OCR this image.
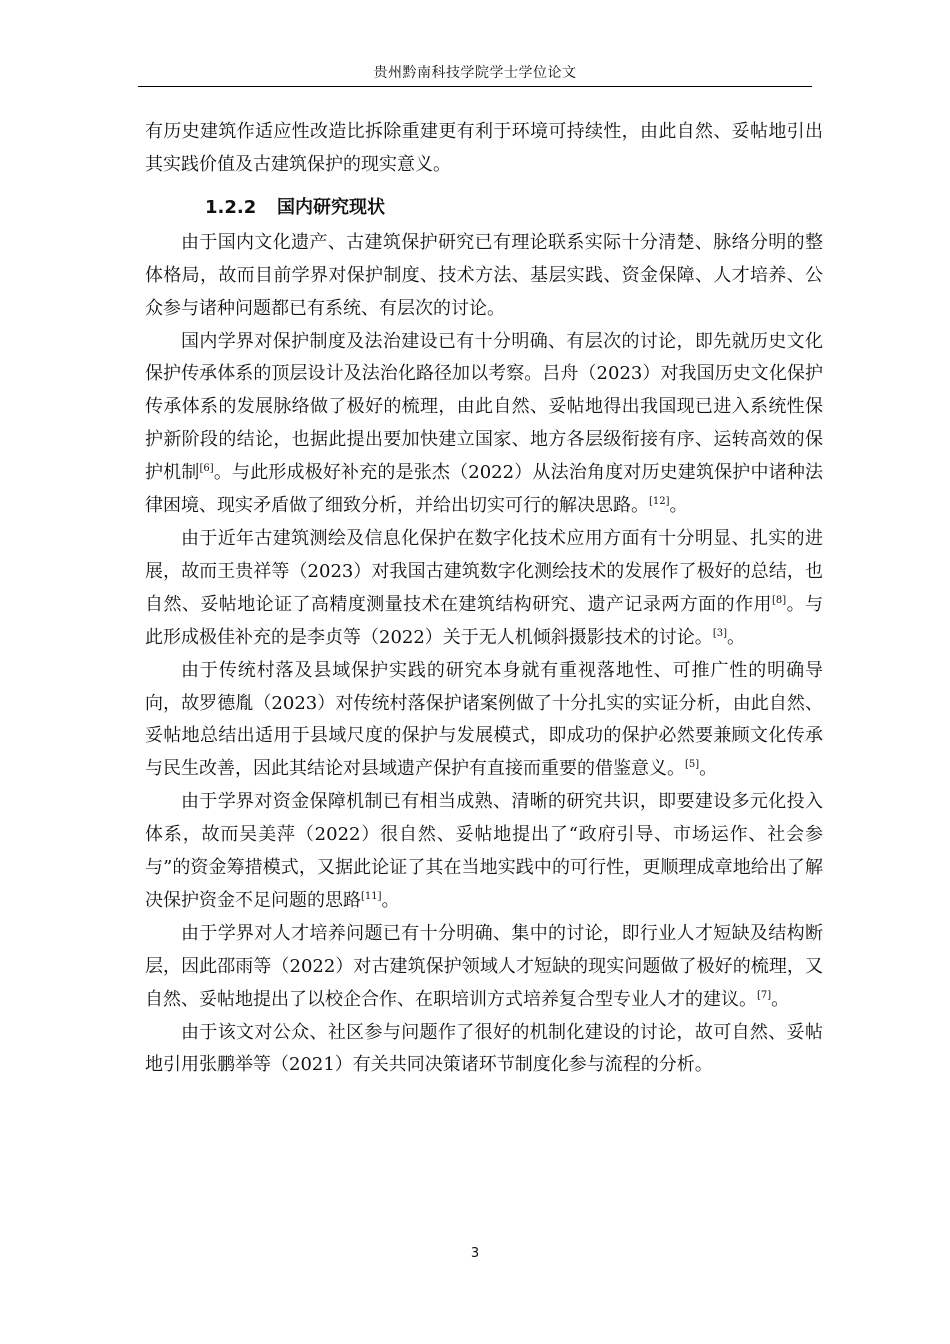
贵州黔南科技学院学士学位论文

有历史建筑作适应性改造比拆除重建更有利于环境可持续性，由此自然、妥帖地引出其实践价值及古建筑保护的现实意义。

1.2.2 国内研究现状

由于国内文化遗产、古建筑保护研究已有理论联系实际十分清楚、脉络分明的整体格局，故而目前学界对保护制度、技术方法、基层实践、资金保障、人才培养、公众参与诸种问题都已有系统、有层次的讨论。

国内学界对保护制度及法治建设已有十分明确、有层次的讨论，即先就历史文化保护传承体系的顶层设计及法治化路径加以考察。吕舟（2023）对我国历史文化保护传承体系的发展脉络做了极好的梳理，由此自然、妥帖地得出我国现已进入系统性保护新阶段的结论，也据此提出要加快建立国家、地方各层级衔接有序、运转高效的保护机制[6]。与此形成极好补充的是张杰（2022）从法治角度对历史建筑保护中诸种法律困境、现实矛盾做了细致分析，并给出切实可行的解决思路。[12]。

由于近年古建筑测绘及信息化保护在数字化技术应用方面有十分明显、扎实的进展，故而王贵祥等（2023）对我国古建筑数字化测绘技术的发展作了极好的总结，也自然、妥帖地论证了高精度测量技术在建筑结构研究、遗产记录两方面的作用[8]。与此形成极佳补充的是李贞等（2022）关于无人机倾斜摄影技术的讨论。[3]。

由于传统村落及县域保护实践的研究本身就有重视落地性、可推广性的明确导向，故罗德胤（2023）对传统村落保护诸案例做了十分扎实的实证分析，由此自然、妥帖地总结出适用于县域尺度的保护与发展模式，即成功的保护必然要兼顾文化传承与民生改善，因此其结论对县域遗产保护有直接而重要的借鉴意义。[5]。

由于学界对资金保障机制已有相当成熟、清晰的研究共识，即要建设多元化投入体系，故而吴美萍（2022）很自然、妥帖地提出了“政府引导、市场运作、社会参与”的资金筹措模式，又据此论证了其在当地实践中的可行性，更顺理成章地给出了解决保护资金不足问题的思路[11]。

由于学界对人才培养问题已有十分明确、集中的讨论，即行业人才短缺及结构断层，因此邵雨等（2022）对古建筑保护领域人才短缺的现实问题做了极好的梳理，又自然、妥帖地提出了以校企合作、在职培训方式培养复合型专业人才的建议。[7]。

由于该文对公众、社区参与问题作了很好的机制化建设的讨论，故可自然、妥帖地引用张鹏举等（2021）有关共同决策诸环节制度化参与流程的分析。

3
